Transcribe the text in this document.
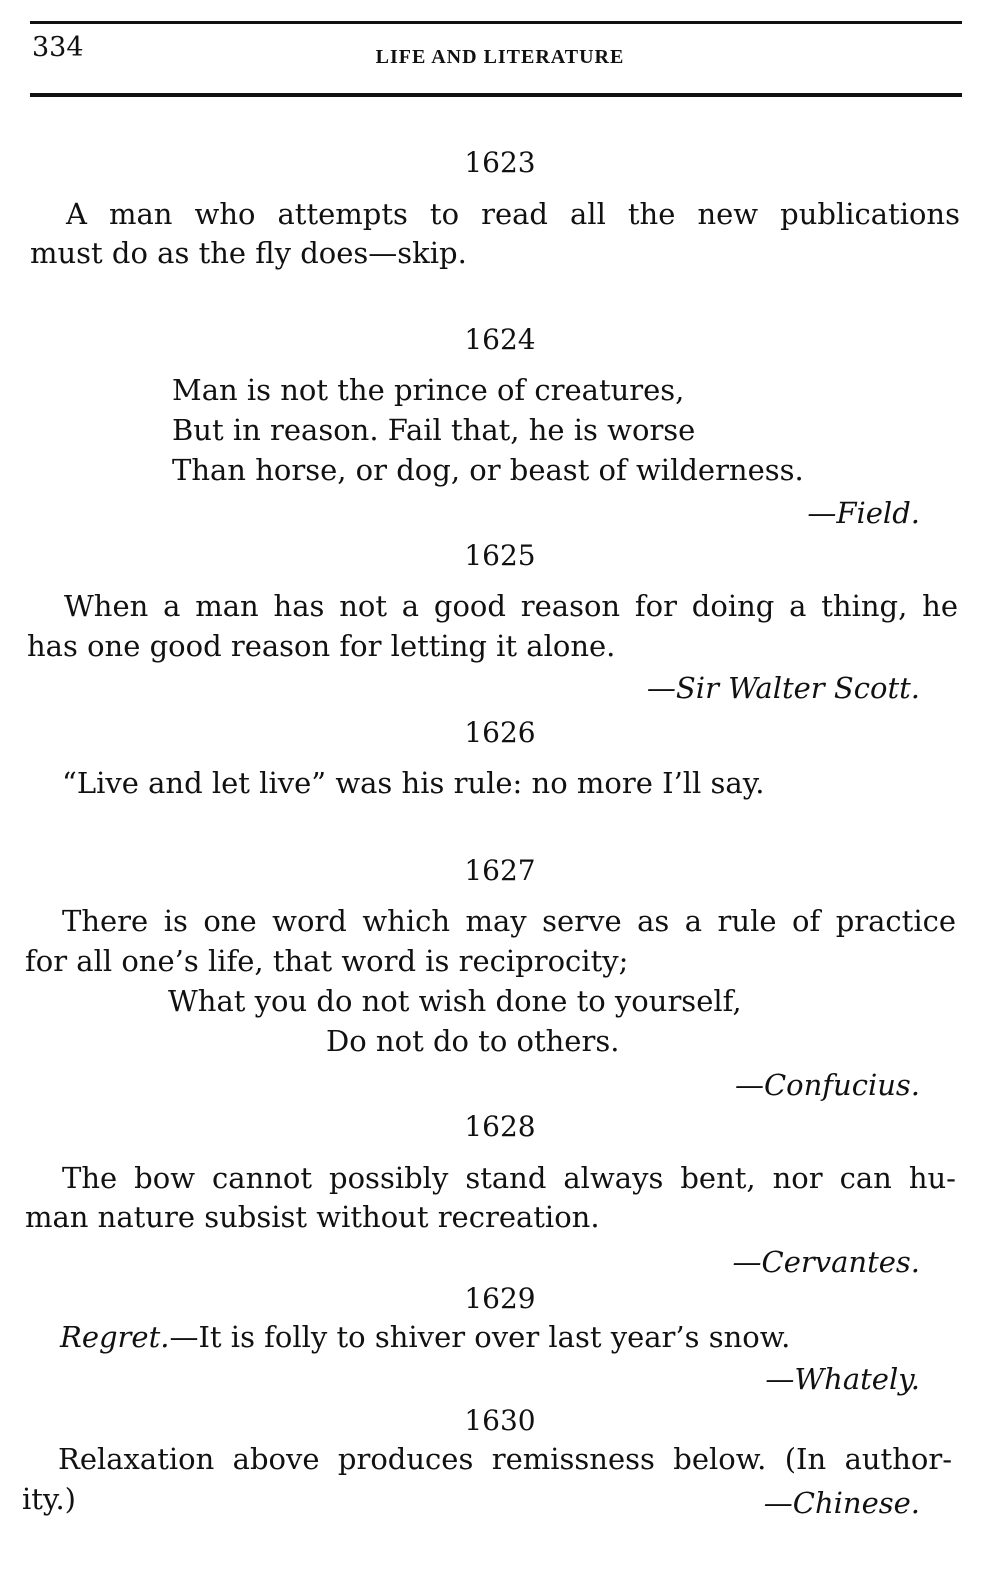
334	LIFE AND LITERATURE
1623
A man who attempts to read all the new publications
must do as the fly does—skip.
1624
Man is not the prince of creatures,
But in reason. Fail that, he is worse
Than horse, or dog, or beast of wilderness.
—Field.
1625
When a man has not a good reason for doing a thing, he
has one good reason for letting it alone.
—Sir Walter Scott.
1626
“Live and let live” was his rule: no more I’ll say.
1627
There is one word which may serve as a rule of practice
for all one’s life, that word is reciprocity;
What you do not wish done to yourself,
Do not do to others.
—Confucius.
1628
The bow cannot possibly stand always bent, nor can hu-
man nature subsist without recreation.
—Cervantes.
1629
Regret.—It is folly to shiver over last year’s snow.
—Whately.
1630
Relaxation above produces remissness below. (In author-
ity.)	—Chinese.
